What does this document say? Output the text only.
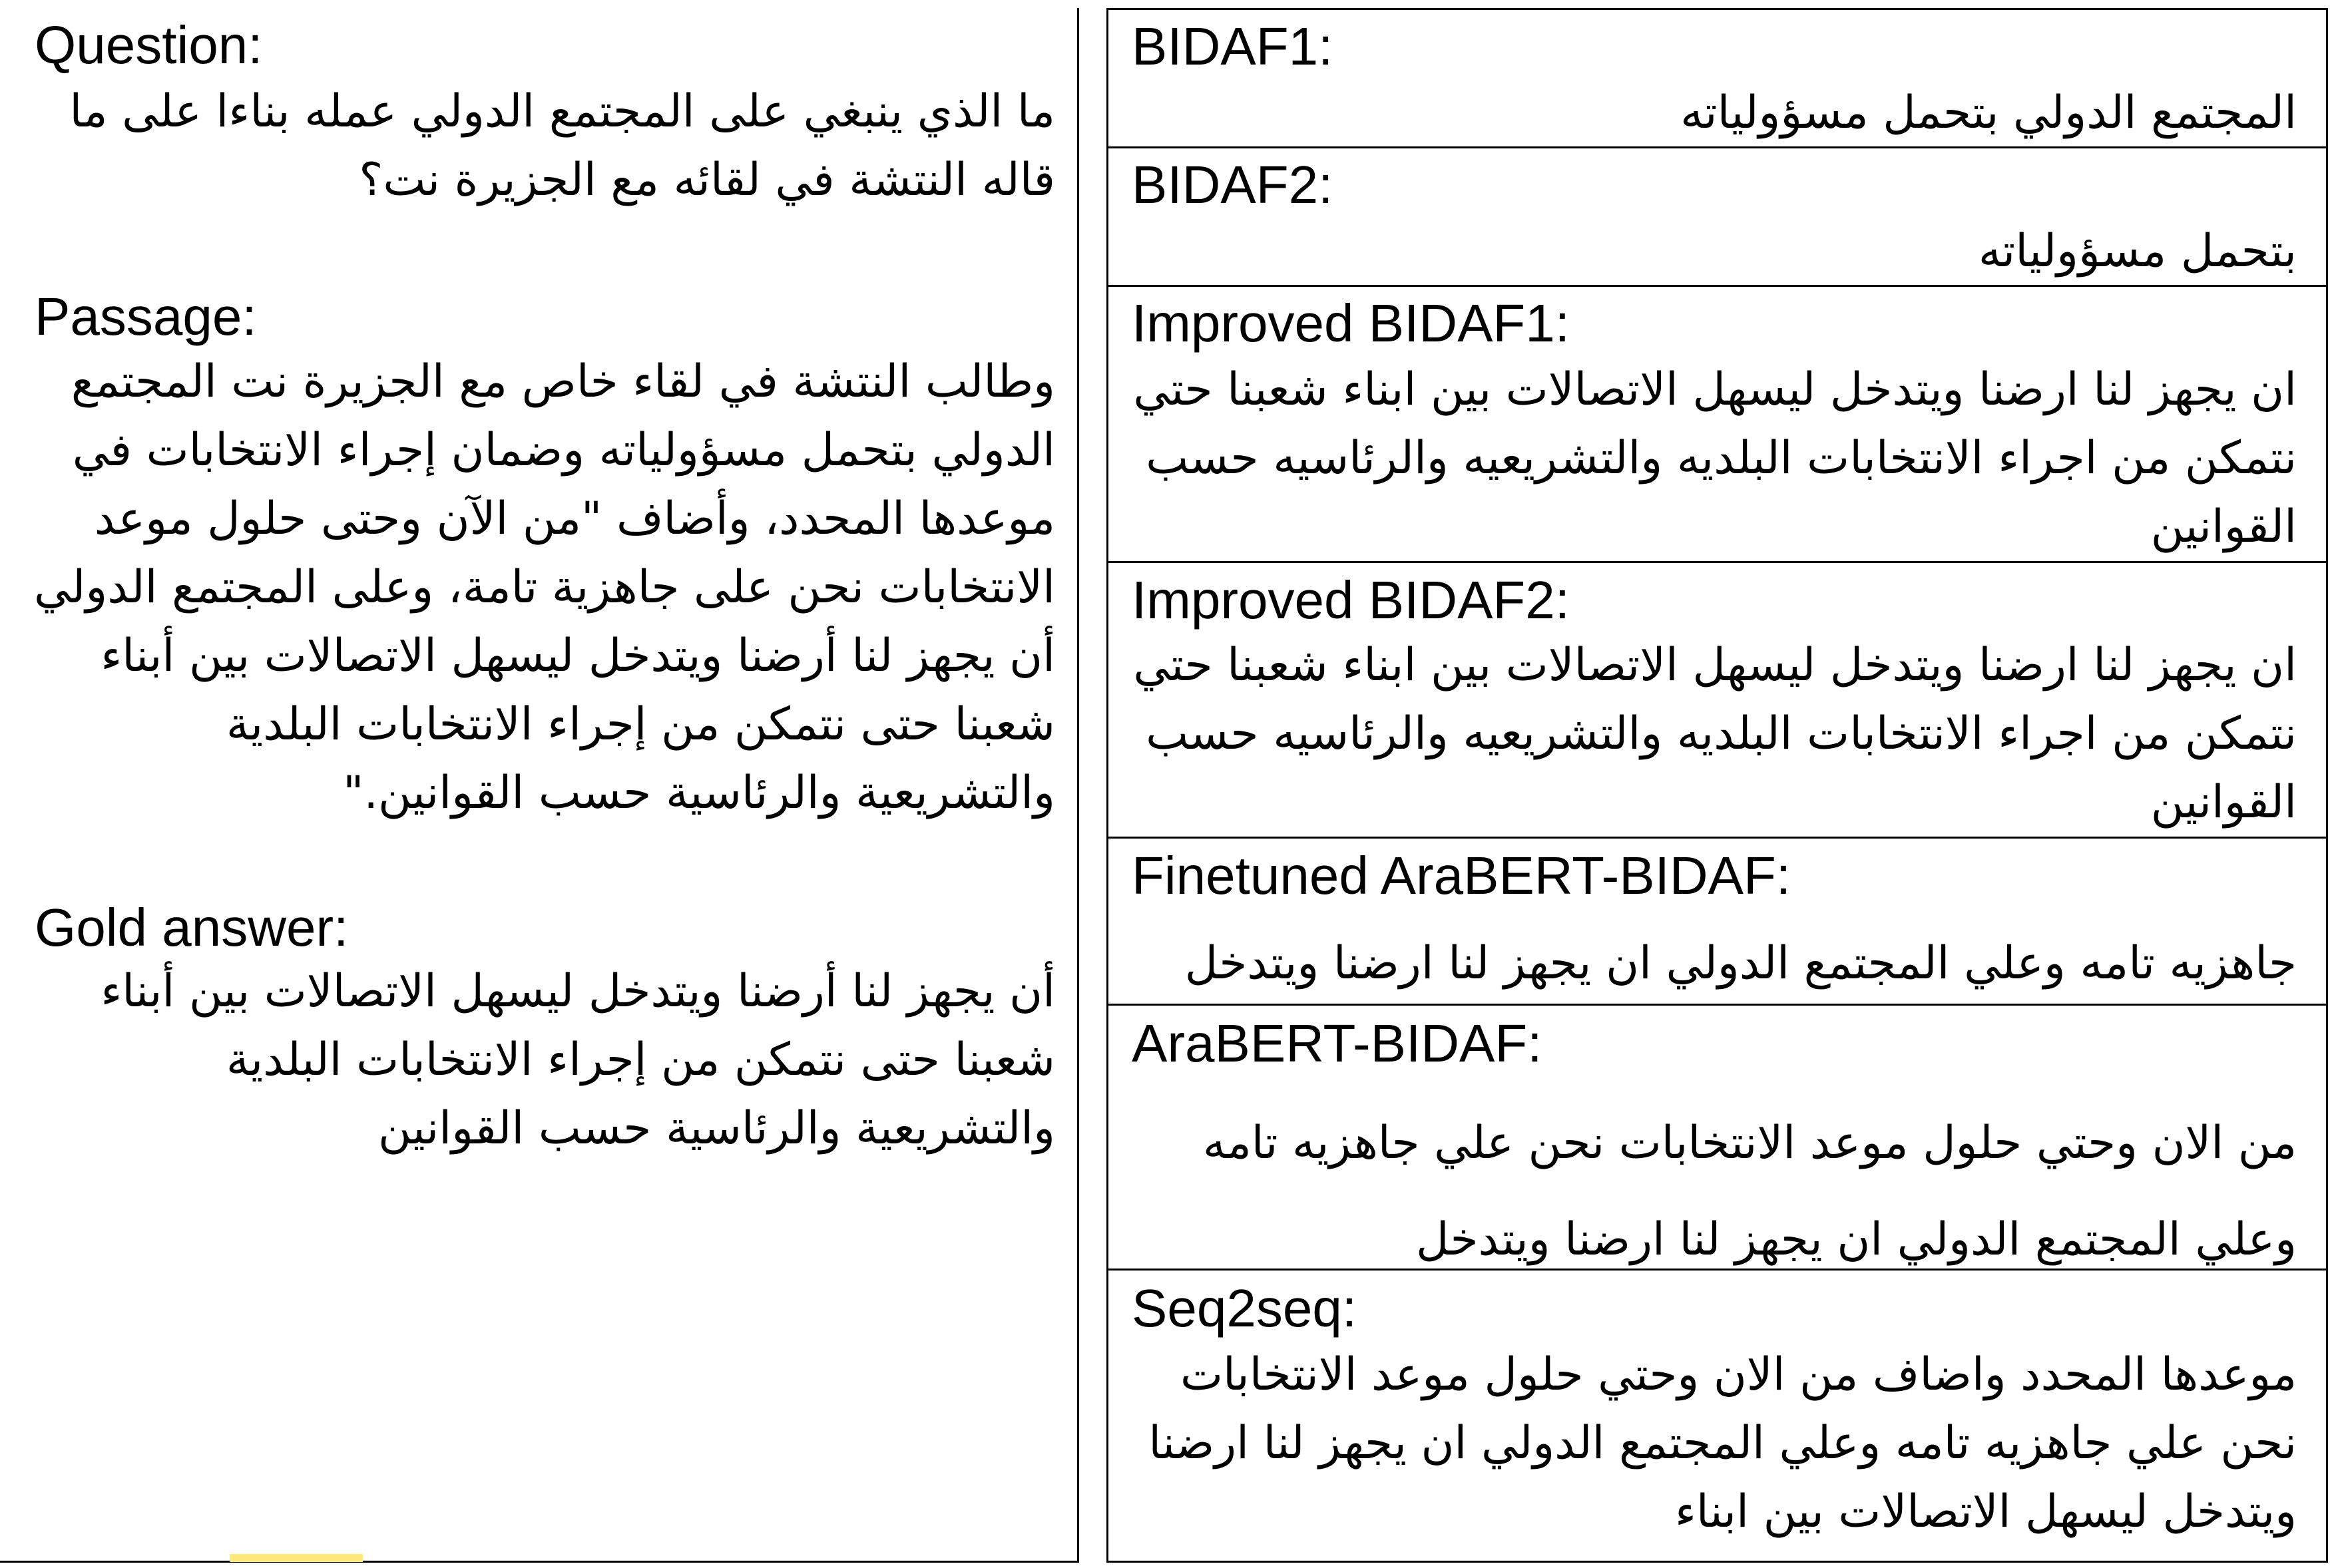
Question:

ما الذي ينبغي على المجتمع الدولي عمله بناءا على ما قاله النتشة في لقائه مع الجزيرة نت؟

Passage:

وطالب النتشة في لقاء خاص مع الجزيرة نت المجتمع الدولي بتحمل مسؤولياته وضمان إجراء الانتخابات في موعدها المحدد، وأضاف "من الآن وحتى حلول موعد الانتخابات نحن على جاهزية تامة، وعلى المجتمع الدولي أن يجهز لنا أرضنا ويتدخل ليسهل الاتصالات بين أبناء شعبنا حتى نتمكن من إجراء الانتخابات البلدية والتشريعية والرئاسية حسب القوانين."

Gold answer:

أن يجهز لنا أرضنا ويتدخل ليسهل الاتصالات بين أبناء شعبنا حتى نتمكن من إجراء الانتخابات البلدية والتشريعية والرئاسية حسب القوانين

BIDAF1:

المجتمع الدولي بتحمل مسؤولياته

BIDAF2:

بتحمل مسؤولياته

Improved BIDAF1:

ان يجهز لنا ارضنا ويتدخل ليسهل الاتصالات بين ابناء شعبنا حتي نتمكن من اجراء الانتخابات البلديه والتشريعيه والرئاسيه حسب القوانين

Improved BIDAF2:

ان يجهز لنا ارضنا ويتدخل ليسهل الاتصالات بين ابناء شعبنا حتي نتمكن من اجراء الانتخابات البلديه والتشريعيه والرئاسيه حسب القوانين

Finetuned AraBERT-BIDAF:

جاهزيه تامه وعلي المجتمع الدولي ان يجهز لنا ارضنا ويتدخل

AraBERT-BIDAF:

من الان وحتي حلول موعد الانتخابات نحن علي جاهزيه تامه وعلي المجتمع الدولي ان يجهز لنا ارضنا ويتدخل

Seq2seq:

موعدها المحدد واضاف من الان وحتي حلول موعد الانتخابات نحن علي جاهزيه تامه وعلي المجتمع الدولي ان يجهز لنا ارضنا ويتدخل ليسهل الاتصالات بين ابناء
